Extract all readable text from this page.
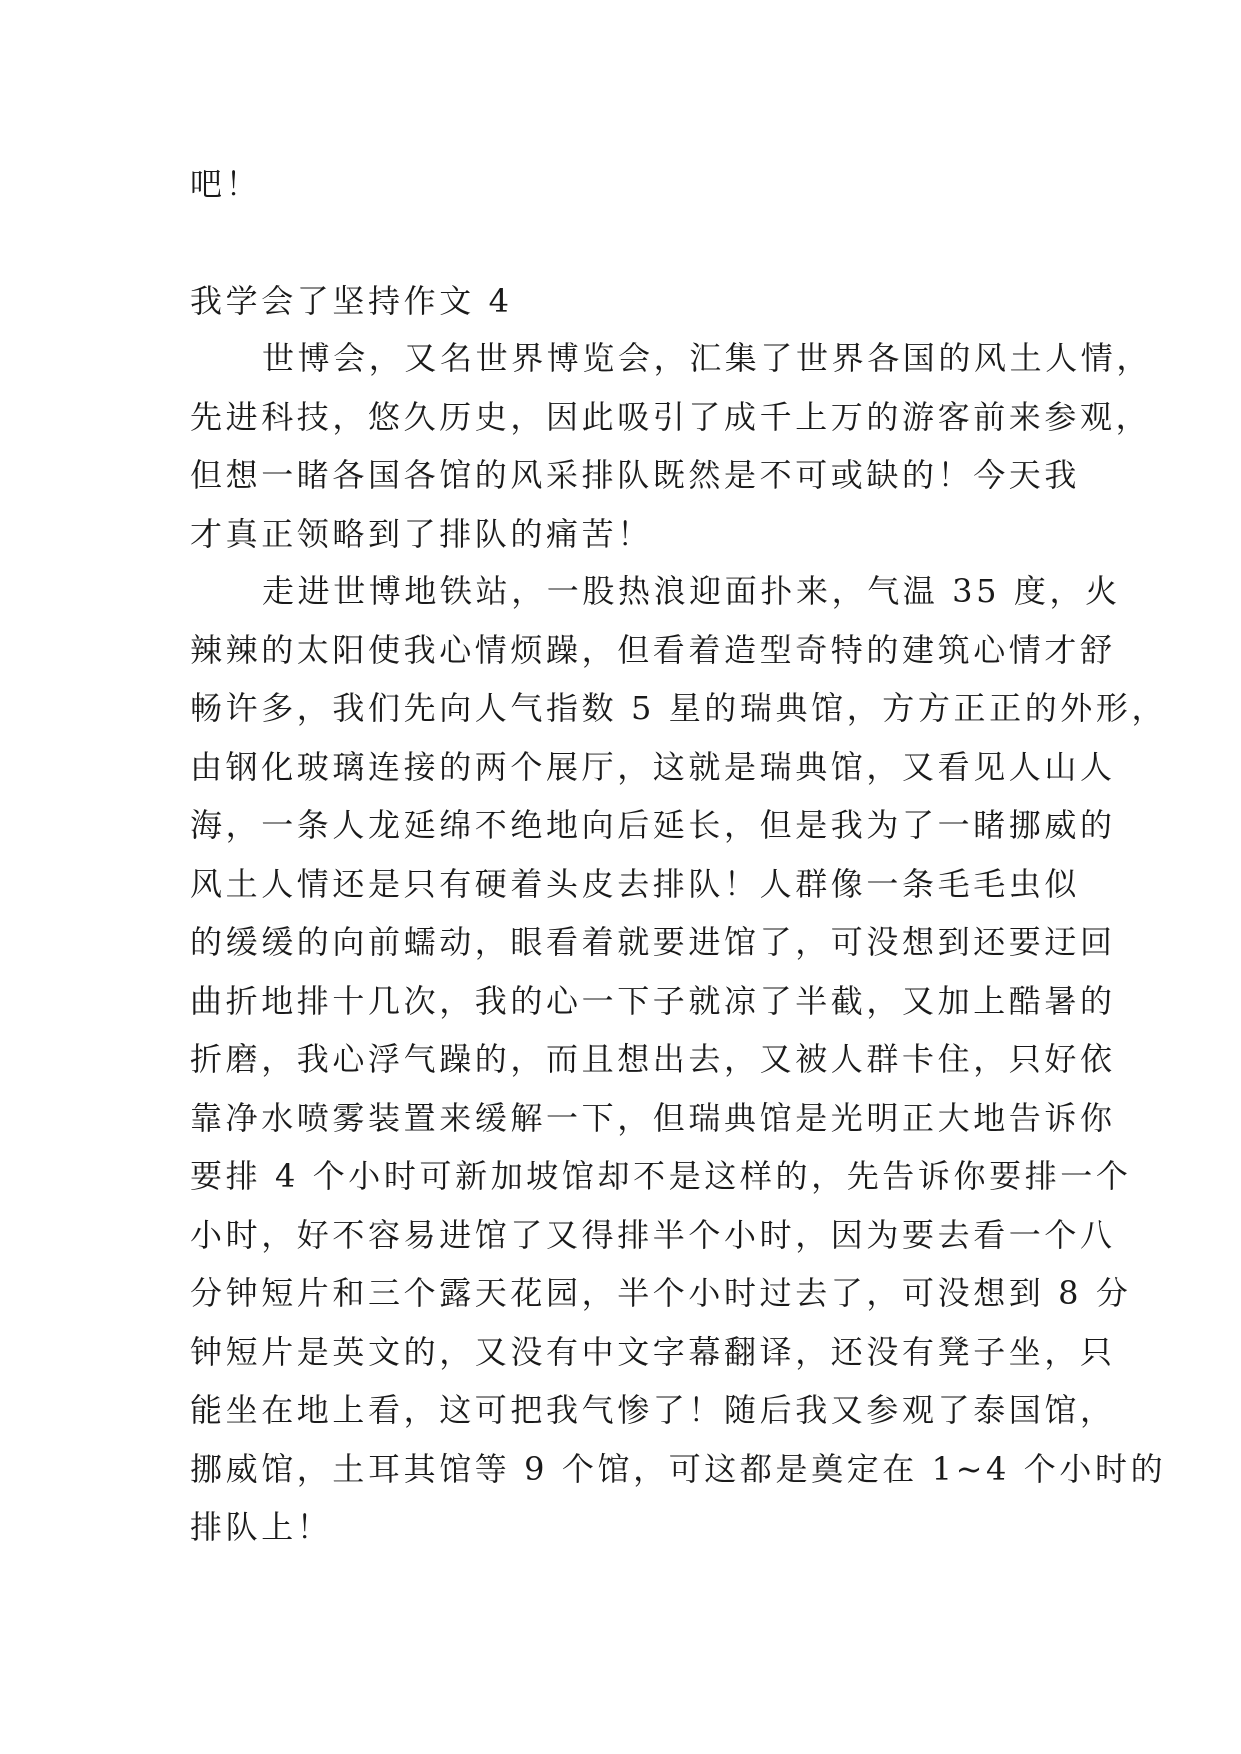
吧！
我学会了坚持作文 4
世博会，又名世界博览会，汇集了世界各国的风土人情，
先进科技，悠久历史，因此吸引了成千上万的游客前来参观，
但想一睹各国各馆的风采排队既然是不可或缺的！今天我
才真正领略到了排队的痛苦！
走进世博地铁站，一股热浪迎面扑来，气温 35 度，火
辣辣的太阳使我心情烦躁，但看着造型奇特的建筑心情才舒
畅许多，我们先向人气指数 5 星的瑞典馆，方方正正的外形，
由钢化玻璃连接的两个展厅，这就是瑞典馆，又看见人山人
海，一条人龙延绵不绝地向后延长，但是我为了一睹挪威的
风土人情还是只有硬着头皮去排队！人群像一条毛毛虫似
的缓缓的向前蠕动，眼看着就要进馆了，可没想到还要迂回
曲折地排十几次，我的心一下子就凉了半截，又加上酷暑的
折磨，我心浮气躁的，而且想出去，又被人群卡住，只好依
靠净水喷雾装置来缓解一下，但瑞典馆是光明正大地告诉你
要排 4 个小时可新加坡馆却不是这样的，先告诉你要排一个
小时，好不容易进馆了又得排半个小时，因为要去看一个八
分钟短片和三个露天花园，半个小时过去了，可没想到 8 分
钟短片是英文的，又没有中文字幕翻译，还没有凳子坐，只
能坐在地上看，这可把我气惨了！随后我又参观了泰国馆，
挪威馆，土耳其馆等 9 个馆，可这都是奠定在 1~4 个小时的
排队上！
